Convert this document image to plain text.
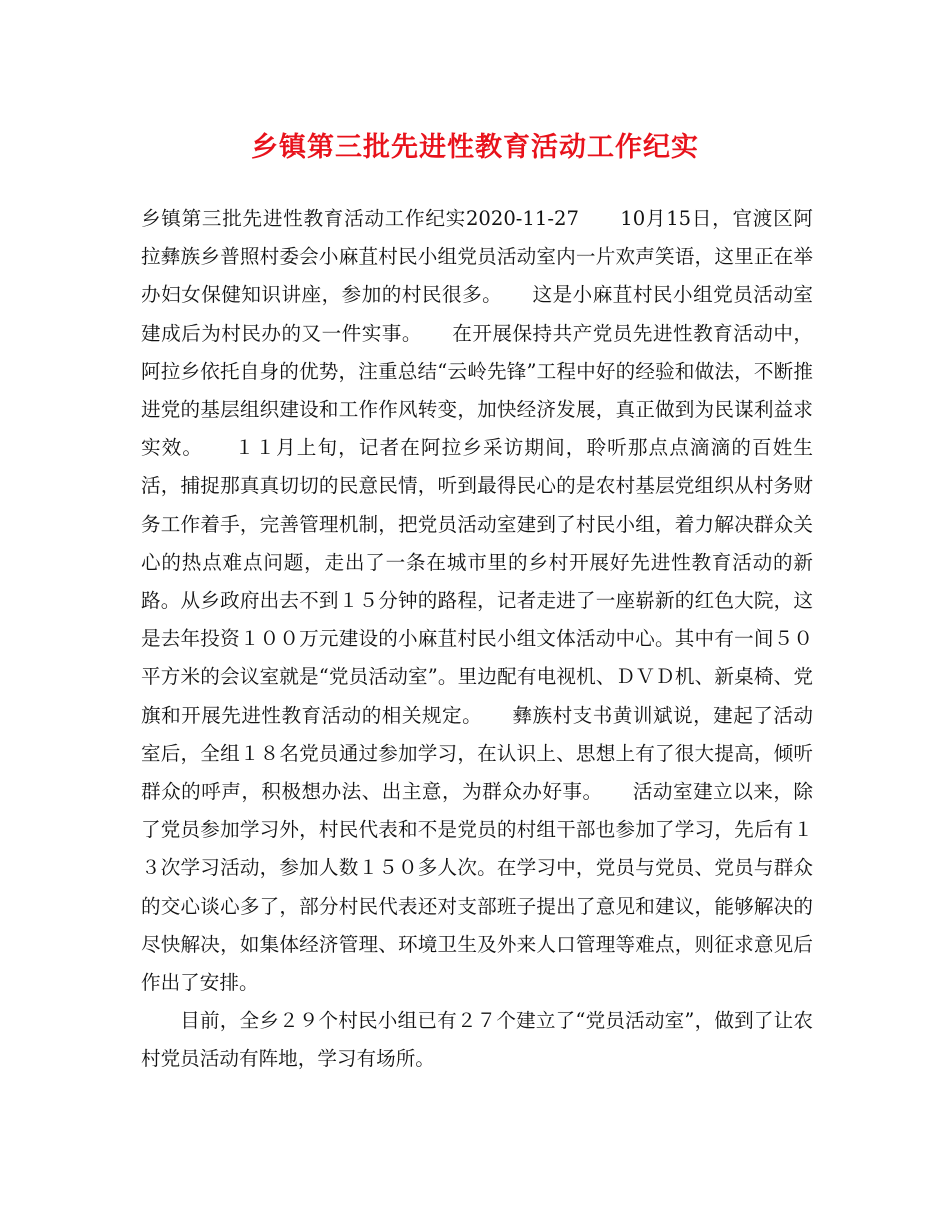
乡镇第三批先进性教育活动工作纪实

乡镇第三批先进性教育活动工作纪实2020-11-27　　10月15日，官渡区阿拉彝族乡普照村委会小麻苴村民小组党员活动室内一片欢声笑语，这里正在举办妇女保健知识讲座，参加的村民很多。　　这是小麻苴村民小组党员活动室建成后为村民办的又一件实事。　　在开展保持共产党员先进性教育活动中，阿拉乡依托自身的优势，注重总结“云岭先锋”工程中好的经验和做法，不断推进党的基层组织建设和工作作风转变，加快经济发展，真正做到为民谋利益求实效。　　１１月上旬，记者在阿拉乡采访期间，聆听那点点滴滴的百姓生活，捕捉那真真切切的民意民情，听到最得民心的是农村基层党组织从村务财务工作着手，完善管理机制，把党员活动室建到了村民小组，着力解决群众关心的热点难点问题，走出了一条在城市里的乡村开展好先进性教育活动的新路。从乡政府出去不到１５分钟的路程，记者走进了一座崭新的红色大院，这是去年投资１００万元建设的小麻苴村民小组文体活动中心。其中有一间５０平方米的会议室就是“党员活动室”。里边配有电视机、ＤＶＤ机、新桌椅、党旗和开展先进性教育活动的相关规定。　　彝族村支书黄训斌说，建起了活动室后，全组１８名党员通过参加学习，在认识上、思想上有了很大提高，倾听群众的呼声，积极想办法、出主意，为群众办好事。　　活动室建立以来，除了党员参加学习外，村民代表和不是党员的村组干部也参加了学习，先后有１３次学习活动，参加人数１５０多人次。在学习中，党员与党员、党员与群众的交心谈心多了，部分村民代表还对支部班子提出了意见和建议，能够解决的尽快解决，如集体经济管理、环境卫生及外来人口管理等难点，则征求意见后作出了安排。

目前，全乡２９个村民小组已有２７个建立了“党员活动室”，做到了让农村党员活动有阵地，学习有场所。
